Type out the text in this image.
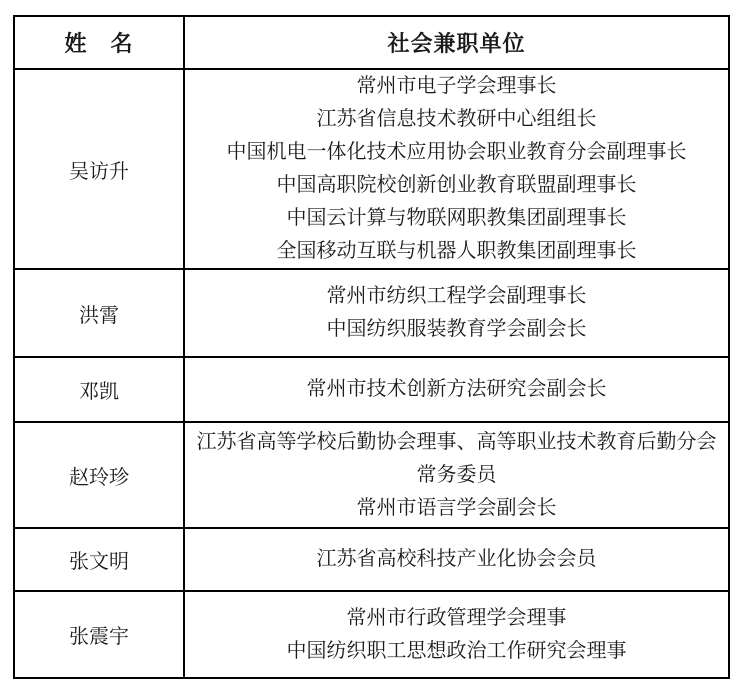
姓　名	社会兼职单位
吴访升	
常州市电子学会理事长
江苏省信息技术教研中心组组长
中国机电一体化技术应用协会职业教育分会副理事长
中国高职院校创新创业教育联盟副理事长
中国云计算与物联网职教集团副理事长
全国移动互联与机器人职教集团副理事长

洪霄	常州市纺织工程学会副理事长
中国纺织服装教育学会副会长

邓凯	常州市技术创新方法研究会副会长

赵玲珍	江苏省高等学校后勤协会理事、高等职业技术教育后勤分会
常务委员
常州市语言学会副会长

张文明	江苏省高校科技产业化协会会员

张震宇	常州市行政管理学会理事
中国纺织职工思想政治工作研究会理事
